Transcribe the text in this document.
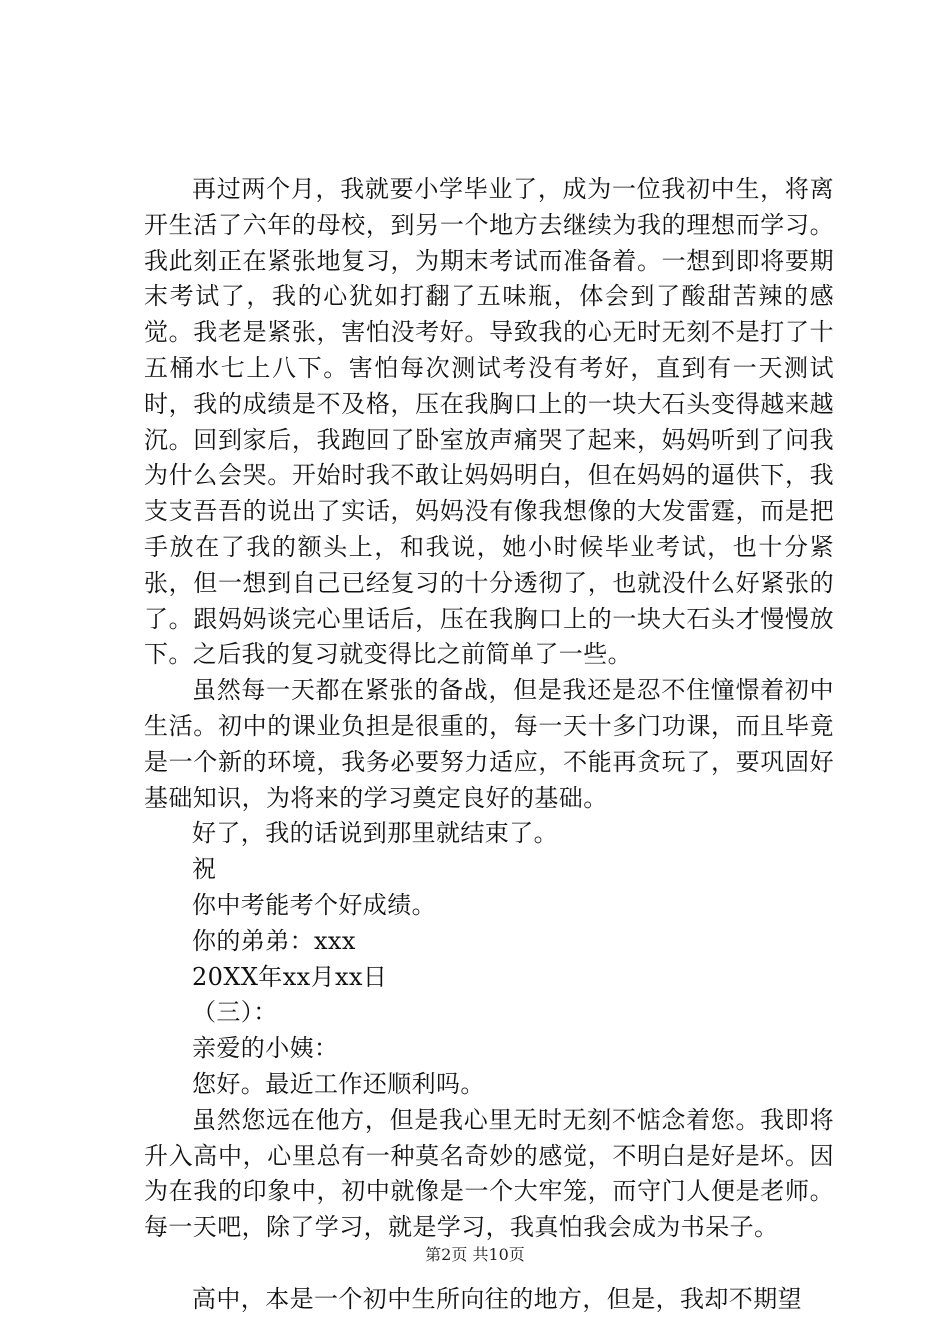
再过两个月，我就要小学毕业了，成为一位我初中生，将离开生活了六年的母校，到另一个地方去继续为我的理想而学习。我此刻正在紧张地复习，为期末考试而准备着。一想到即将要期末考试了，我的心犹如打翻了五味瓶，体会到了酸甜苦辣的感觉。我老是紧张，害怕没考好。导致我的心无时无刻不是打了十五桶水七上八下。害怕每次测试考没有考好，直到有一天测试时，我的成绩是不及格，压在我胸口上的一块大石头变得越来越沉。回到家后，我跑回了卧室放声痛哭了起来，妈妈听到了问我为什么会哭。开始时我不敢让妈妈明白，但在妈妈的逼供下，我支支吾吾的说出了实话，妈妈没有像我想像的大发雷霆，而是把手放在了我的额头上，和我说，她小时候毕业考试，也十分紧张，但一想到自己已经复习的十分透彻了，也就没什么好紧张的了。跟妈妈谈完心里话后，压在我胸口上的一块大石头才慢慢放下。之后我的复习就变得比之前简单了一些。

虽然每一天都在紧张的备战，但是我还是忍不住憧憬着初中生活。初中的课业负担是很重的，每一天十多门功课，而且毕竟是一个新的环境，我务必要努力适应，不能再贪玩了，要巩固好基础知识，为将来的学习奠定良好的基础。

好了，我的话说到那里就结束了。

祝

你中考能考个好成绩。

你的弟弟：xxx

20XX年xx月xx日

（三）：

亲爱的小姨：

您好。最近工作还顺利吗。

虽然您远在他方，但是我心里无时无刻不惦念着您。我即将升入高中，心里总有一种莫名奇妙的感觉，不明白是好是坏。因为在我的印象中，初中就像是一个大牢笼，而守门人便是老师。每一天吧，除了学习，就是学习，我真怕我会成为书呆子。

高中，本是一个初中生所向往的地方，但是，我却不期望

第2页 共10页
